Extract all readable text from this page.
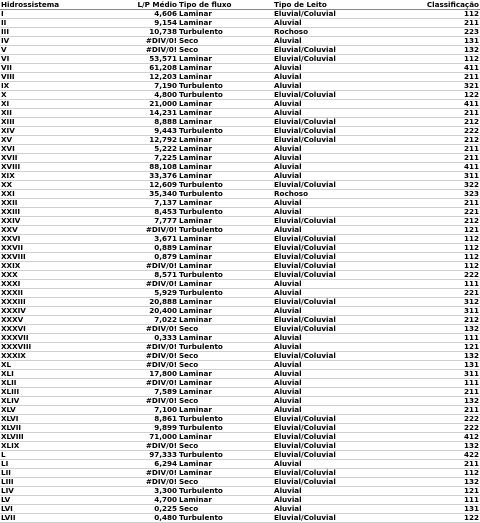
Hidrossistema	L/P Médio	Tipo de fluxo	Tipo de Leito	Classificação
I	4,606	Laminar	Eluvial/Coluvial	112
II	9,154	Laminar	Aluvial	211
III	10,738	Turbulento	Rochoso	223
IV	#DIV/0!	Seco	Aluvial	131
V	#DIV/0!	Seco	Eluvial/Coluvial	132
VI	53,571	Laminar	Eluvial/Coluvial	112
VII	61,208	Laminar	Aluvial	411
VIII	12,203	Laminar	Aluvial	211
IX	7,190	Turbulento	Aluvial	321
X	4,800	Turbulento	Eluvial/Coluvial	122
XI	21,000	Laminar	Aluvial	411
XII	14,231	Laminar	Aluvial	211
XIII	8,888	Laminar	Eluvial/Coluvial	212
XIV	9,443	Turbulento	Eluvial/Coluvial	222
XV	12,792	Laminar	Eluvial/Coluvial	212
XVI	5,222	Laminar	Aluvial	211
XVII	7,225	Laminar	Aluvial	211
XVIII	88,108	Laminar	Aluvial	411
XIX	33,376	Laminar	Aluvial	311
XX	12,609	Turbulento	Eluvial/Coluvial	322
XXI	35,340	Turbulento	Rochoso	323
XXII	7,137	Laminar	Aluvial	211
XXIII	8,453	Turbulento	Aluvial	221
XXIV	7,777	Laminar	Eluvial/Coluvial	212
XXV	#DIV/0!	Turbulento	Aluvial	121
XXVI	3,671	Laminar	Eluvial/Coluvial	112
XXVII	0,889	Laminar	Eluvial/Coluvial	112
XXVIII	0,879	Laminar	Eluvial/Coluvial	112
XXIX	#DIV/0!	Laminar	Eluvial/Coluvial	112
XXX	8,571	Turbulento	Eluvial/Coluvial	222
XXXI	#DIV/0!	Laminar	Aluvial	111
XXXII	5,929	Turbulento	Aluvial	221
XXXIII	20,888	Laminar	Eluvial/Coluvial	312
XXXIV	20,400	Laminar	Aluvial	311
XXXV	7,022	Laminar	Eluvial/Coluvial	212
XXXVI	#DIV/0!	Seco	Eluvial/Coluvial	132
XXXVII	0,333	Laminar	Aluvial	111
XXXVIII	#DIV/0!	Turbulento	Aluvial	121
XXXIX	#DIV/0!	Seco	Eluvial/Coluvial	132
XL	#DIV/0!	Seco	Aluvial	131
XLI	17,800	Laminar	Aluvial	311
XLII	#DIV/0!	Laminar	Aluvial	111
XLIII	7,589	Laminar	Aluvial	211
XLIV	#DIV/0!	Seco	Aluvial	132
XLV	7,100	Laminar	Aluvial	211
XLVI	8,861	Turbulento	Eluvial/Coluvial	222
XLVII	9,899	Turbulento	Eluvial/Coluvial	222
XLVIII	71,000	Laminar	Eluvial/Coluvial	412
XLIX	#DIV/0!	Seco	Eluvial/Coluvial	132
L	97,333	Turbulento	Eluvial/Coluvial	422
LI	6,294	Laminar	Aluvial	211
LII	#DIV/0!	Laminar	Eluvial/Coluvial	112
LIII	#DIV/0!	Seco	Eluvial/Coluvial	132
LIV	3,300	Turbulento	Aluvial	121
LV	4,700	Laminar	Aluvial	111
LVI	0,225	Seco	Aluvial	131
LVII	0,480	Turbulento	Eluvial/Coluvial	122
